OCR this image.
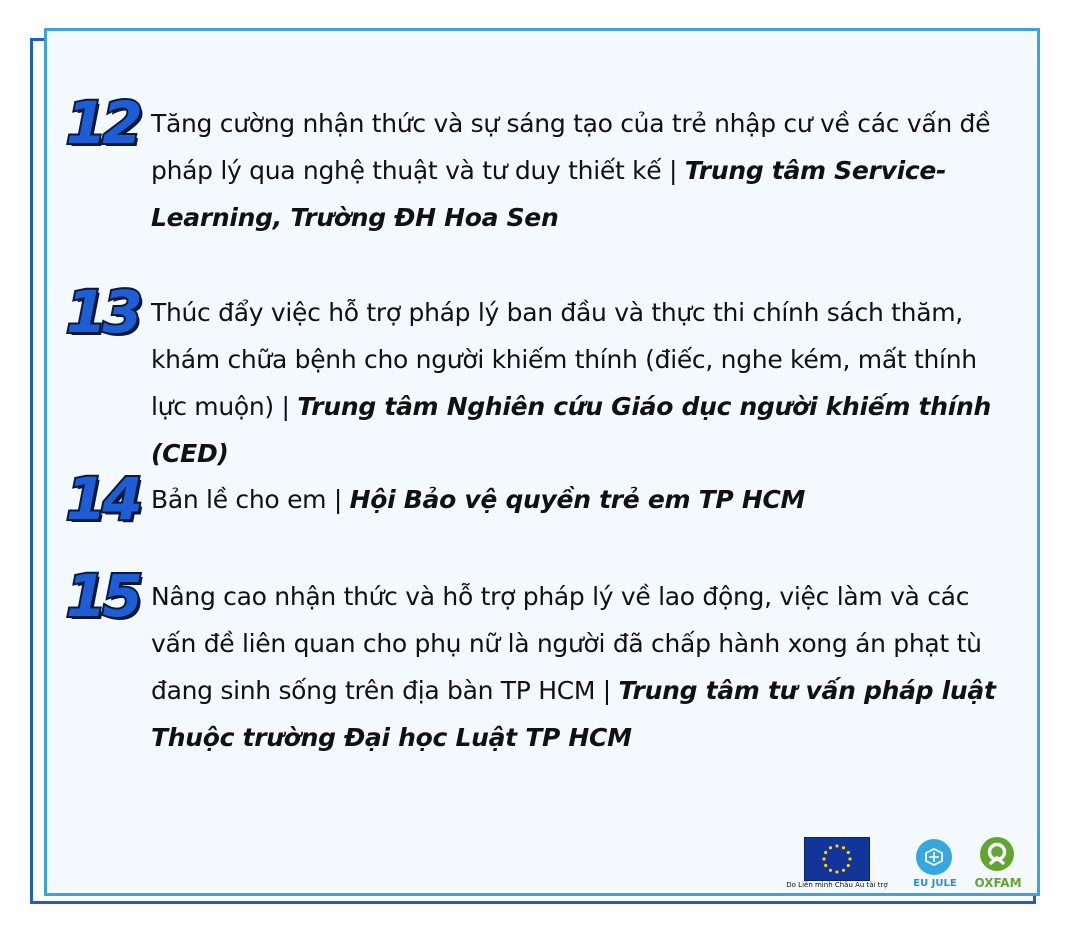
12 Tăng cường nhận thức và sự sáng tạo của trẻ nhập cư về các vấn đề pháp lý qua nghệ thuật và tư duy thiết kế | Trung tâm Service-Learning, Trường ĐH Hoa Sen
13 Thúc đẩy việc hỗ trợ pháp lý ban đầu và thực thi chính sách thăm, khám chữa bệnh cho người khiếm thính (điếc, nghe kém, mất thính lực muộn) | Trung tâm Nghiên cứu Giáo dục người khiếm thính (CED)
14 Bản lề cho em | Hội Bảo vệ quyền trẻ em TP HCM
15 Nâng cao nhận thức và hỗ trợ pháp lý về lao động, việc làm và các vấn đề liên quan cho phụ nữ là người đã chấp hành xong án phạt tù đang sinh sống trên địa bàn TP HCM | Trung tâm tư vấn pháp luật Thuộc trường Đại học Luật TP HCM
Do Liên minh Châu Âu tài trợ	EU JULE	OXFAM
